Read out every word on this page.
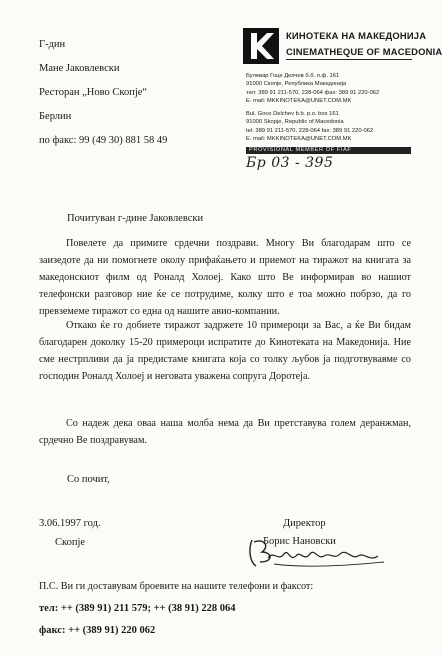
Г-дин
Мане Јаковлевски
Ресторан „Ново Скопје“
Берлин
по факс: 99 (49 30) 881 58 49
КИНОТЕКА НА МАКЕДОНИЈА
CINEMATHEQUE OF MACEDONIA
Булевар Гоце Делчев б.б. п.ф. 161
91000 Скопје, Република Македонија
тел: 389 91 211-570, 228-064 фах: 389 91 220-062
E. mail: MKKINOTEKA@UNET.COM.MK
Bul. Goce Delchev b.b. p.o. box 161
91000 Skopje, Republic of Macedonia
tel: 389 91 211-570, 228-064 fax: 389 91 220-062
E. mail: MKKINOTEKA@UNET.COM.MK
PROVISIONAL MEMBER OF FIAF
Бр 03 - 395
Почитуван г-дине Јаковлевски
Повелете да примите срдечни поздрави. Многу Ви благодарам што се заизедоте да ни помогнете околу прифаќањето и приемот на тиражот на книгата за македонскиот филм од Роналд Холоеј. Како што Ве информирав во нашиот телефонски разговор ние ќе се потрудиме, колку што е тоа можно побрзо, да го превземеме тиражот со една од нашите авио-компании.
Откако ќе го добиете тиражот задржете 10 примероци за Вас, а ќе Ви бидам благодарен доколку 15-20 примероци испратите до Кинотеката на Македонија. Ние сме нестрпливи да ја предистаме книгата која со толку љубов ја подготвувавме со господин Роналд Холоеј и неговата уважена сопруга Доротеја.
Со надеж дека оваа наша молба нема да Ви претставува голем деранжман, срдечно Ве поздравувам.
Со почит,
3.06.1997 год.
Скопје
Директор
Борис Нановски
П.С. Ви ги доставувам броевите на нашите телефони и факсот:
тел: ++ (389 91) 211 579; ++ (38 91) 228 064
факс: ++ (389 91) 220 062
